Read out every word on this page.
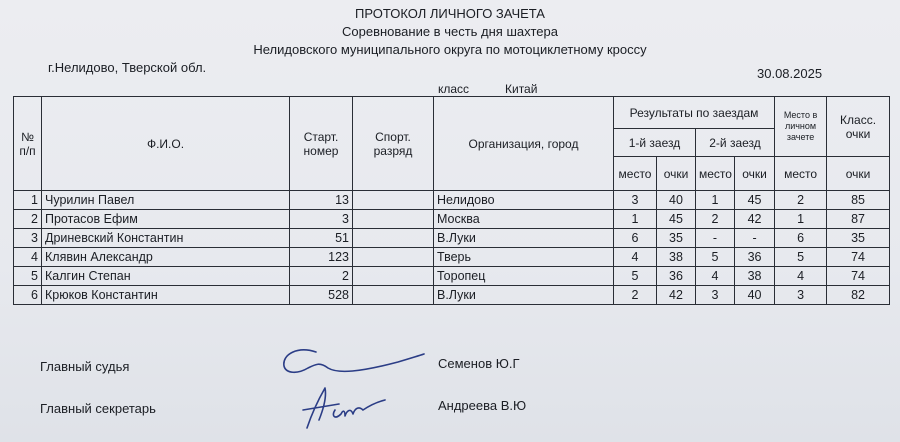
ПРОТОКОЛ ЛИЧНОГО ЗАЧЕТА
Соревнование в честь дня шахтера
Нелидовского муниципального округа по мотоциклетному кроссу
г.Нелидово, Тверской обл.	30.08.2025
класс	Китай
№ п/п	Ф.И.О.	Старт. номер	Спорт. разряд	Организация, город	Результаты по заездам				Место в личном зачете	Класс. очки
					1-й заезд		2-й заезд			
					место	очки	место	очки	место	очки
1	Чурилин Павел	13		Нелидово	3	40	1	45	2	85
2	Протасов Ефим	3		Москва	1	45	2	42	1	87
3	Дриневский Константин	51		В.Луки	6	35	-	-	6	35
4	Клявин Александр	123		Тверь	4	38	5	36	5	74
5	Калгин Степан	2		Торопец	5	36	4	38	4	74
6	Крюков Константин	528		В.Луки	2	42	3	40	3	82
Главный судья	Семенов Ю.Г
Главный секретарь	Андреева В.Ю
